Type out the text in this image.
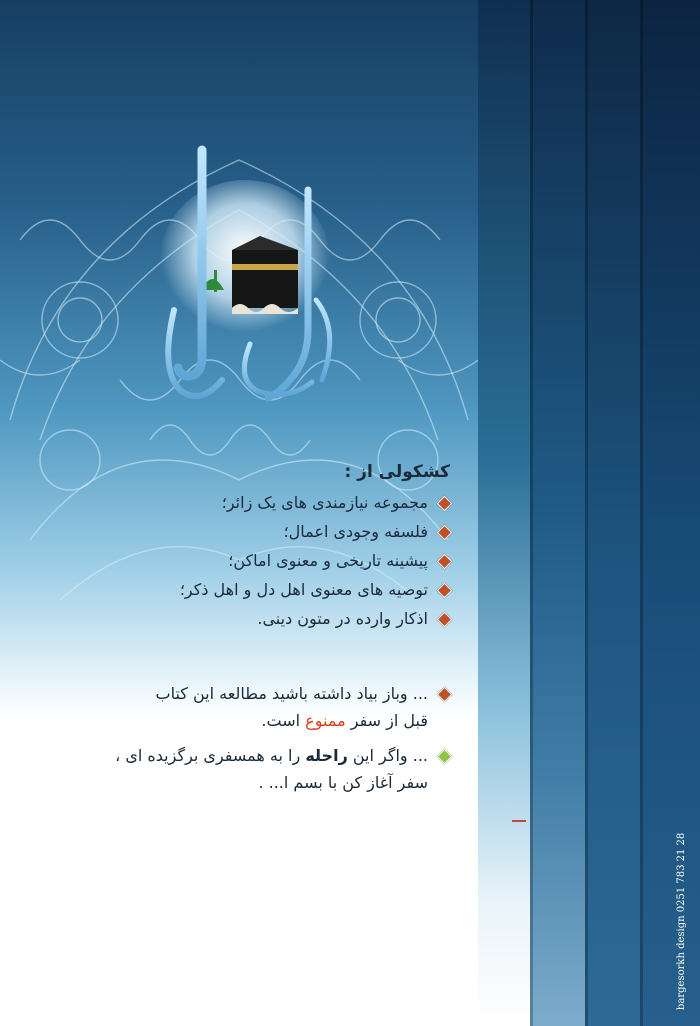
کشکولی از :
مجموعه نیازمندی های یک زائر؛
فلسفه وجودی اعمال؛
پیشینه تاریخی و معنوی اماکن؛
توصیه های معنوی اهل دل و اهل ذکر؛
اذکار وارده در متون دینی.
... وباز بیاد داشته باشید مطالعه این کتاب
قبل از سفر ممنوع است.
... واگر این راحله را به همسفری برگزیده ای ،
سفر آغاز کن با بسم ا... .
bargesorkh design 0251 783 21 28
